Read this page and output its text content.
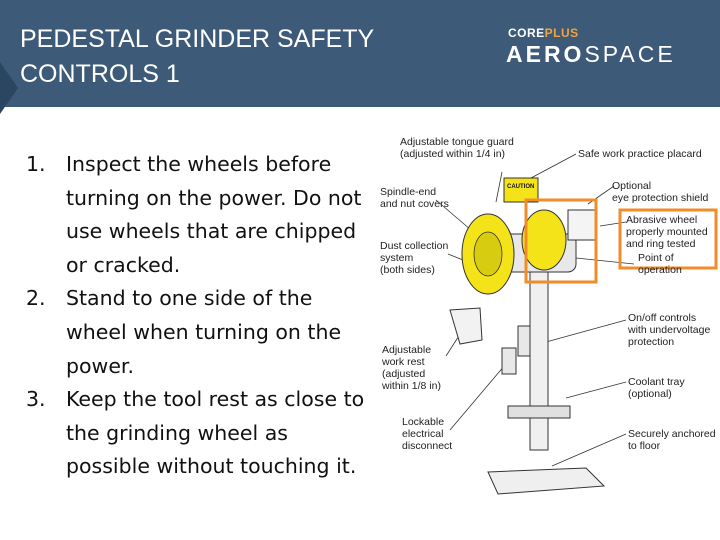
PEDESTAL GRINDER SAFETY
CONTROLS 1
COREPLUS
AEROSPACE
1. Inspect the wheels before turning on the power. Do not use wheels that are chipped or cracked.
2. Stand to one side of the wheel when turning on the power.
3. Keep the tool rest as close to the grinding wheel as possible without touching it.
CAUTION
Adjustable tongue guard
(adjusted within 1/4 in)
Spindle-end
and nut covers
Dust collection
system
(both sides)
Adjustable
work rest
(adjusted
within 1/8 in)
Lockable
electrical
disconnect
Safe work practice placard
Optional
eye protection shield
Abrasive wheel
properly mounted
and ring tested
Point of
operation
On/off controls
with undervoltage
protection
Coolant tray
(optional)
Securely anchored
to floor
